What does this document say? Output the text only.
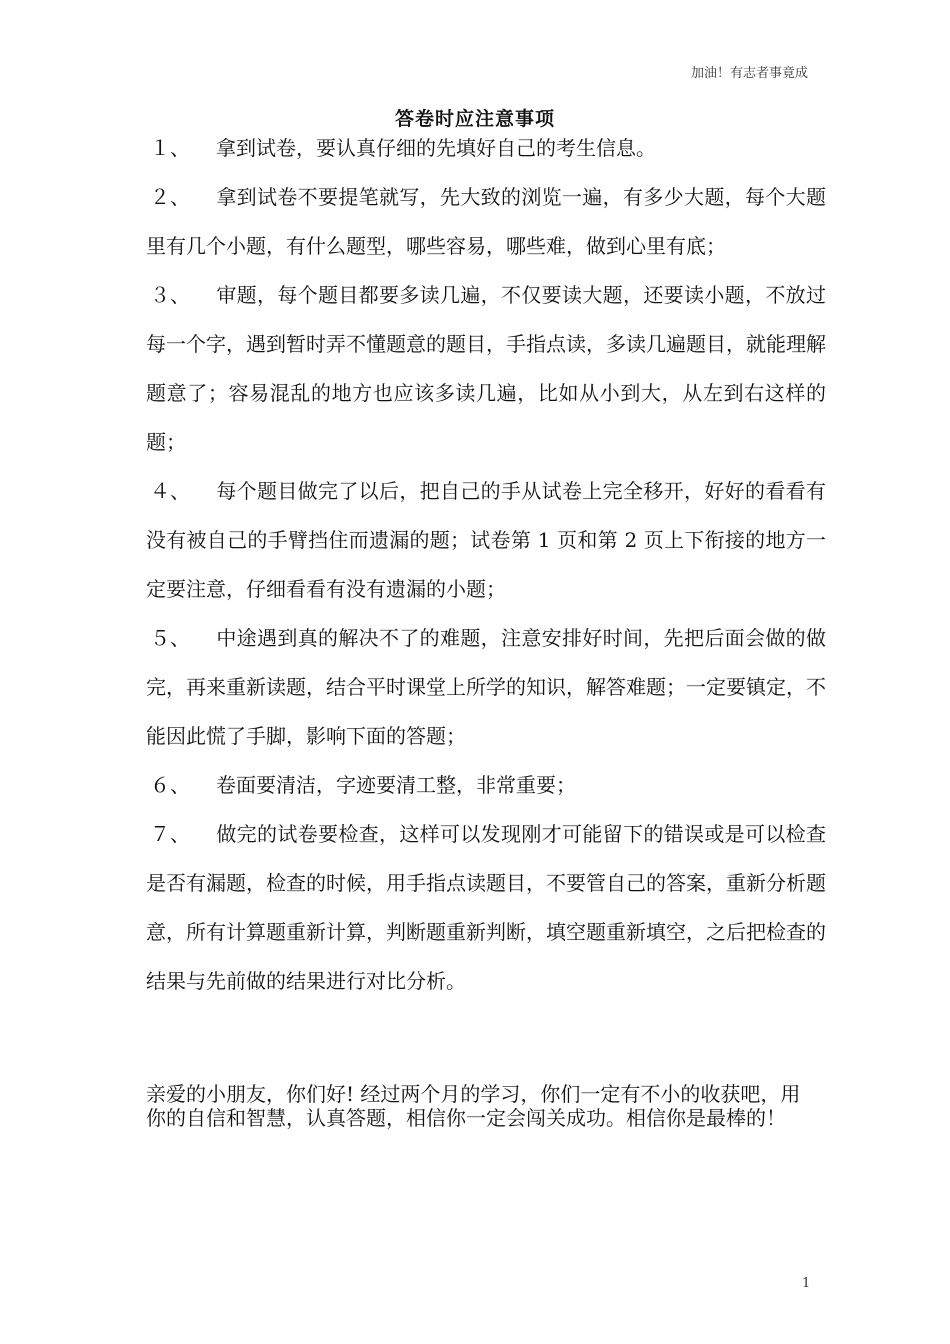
加油！有志者事竟成
答卷时应注意事项

１、 拿到试卷，要认真仔细的先填好自己的考生信息。

２、 拿到试卷不要提笔就写，先大致的浏览一遍，有多少大题，每个大题里有几个小题，有什么题型，哪些容易，哪些难，做到心里有底；

３、 审题，每个题目都要多读几遍，不仅要读大题，还要读小题，不放过每一个字，遇到暂时弄不懂题意的题目，手指点读，多读几遍题目，就能理解题意了；容易混乱的地方也应该多读几遍，比如从小到大，从左到右这样的题；

４、 每个题目做完了以后，把自己的手从试卷上完全移开，好好的看看有没有被自己的手臂挡住而遗漏的题；试卷第 1 页和第 2 页上下衔接的地方一定要注意，仔细看看有没有遗漏的小题；

５、 中途遇到真的解决不了的难题，注意安排好时间，先把后面会做的做完，再来重新读题，结合平时课堂上所学的知识，解答难题；一定要镇定，不能因此慌了手脚，影响下面的答题；

６、 卷面要清洁，字迹要清工整，非常重要；

７、 做完的试卷要检查，这样可以发现刚才可能留下的错误或是可以检查是否有漏题，检查的时候，用手指点读题目，不要管自己的答案，重新分析题意，所有计算题重新计算，判断题重新判断，填空题重新填空，之后把检查的结果与先前做的结果进行对比分析。

亲爱的小朋友，你们好! 经过两个月的学习，你们一定有不小的收获吧，用你的自信和智慧，认真答题，相信你一定会闯关成功。相信你是最棒的！

1
